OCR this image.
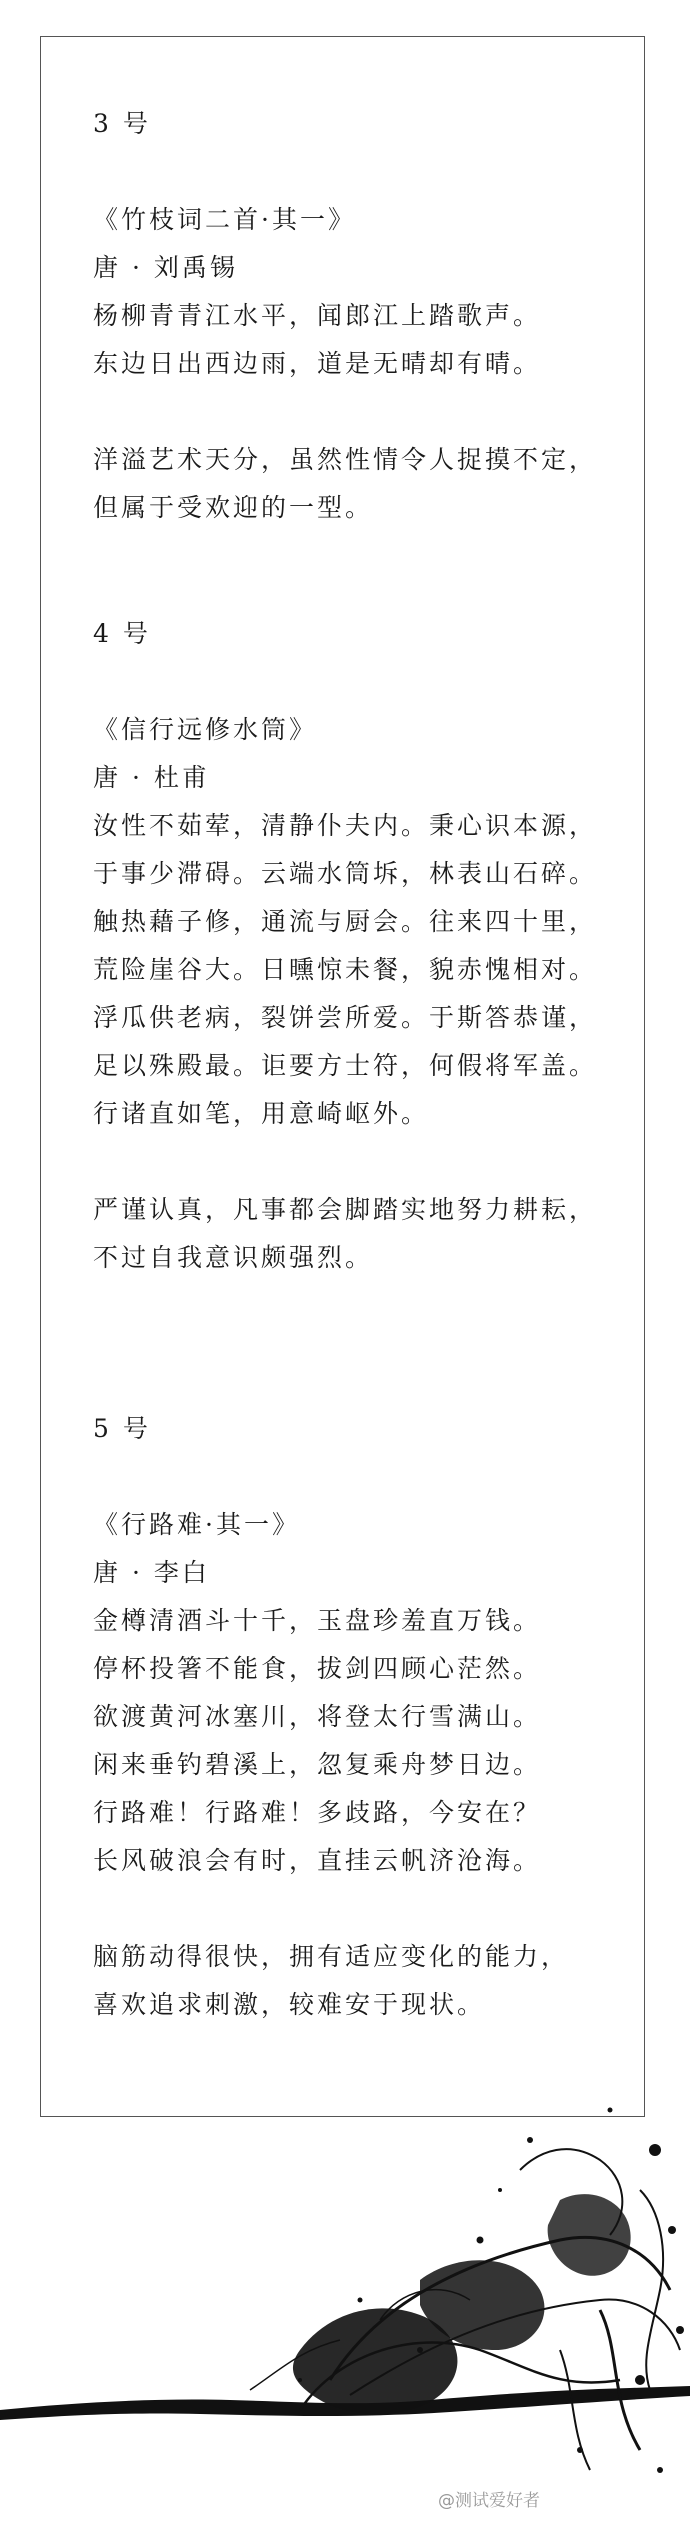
3 号
《竹枝词二首·其一》
唐 · 刘禹锡
杨柳青青江水平，闻郎江上踏歌声。
东边日出西边雨，道是无晴却有晴。
洋溢艺术天分，虽然性情令人捉摸不定，
但属于受欢迎的一型。
4 号
《信行远修水筒》
唐 · 杜甫
汝性不茹荤，清静仆夫内。秉心识本源，
于事少滞碍。云端水筒坼，林表山石碎。
触热藉子修，通流与厨会。往来四十里，
荒险崖谷大。日曛惊未餐，貌赤愧相对。
浮瓜供老病，裂饼尝所爱。于斯答恭谨，
足以殊殿最。讵要方士符，何假将军盖。
行诸直如笔，用意崎岖外。
严谨认真，凡事都会脚踏实地努力耕耘，
不过自我意识颇强烈。
5 号
《行路难·其一》
唐 · 李白
金樽清酒斗十千，玉盘珍羞直万钱。
停杯投箸不能食，拔剑四顾心茫然。
欲渡黄河冰塞川，将登太行雪满山。
闲来垂钓碧溪上，忽复乘舟梦日边。
行路难！行路难！多歧路，今安在？
长风破浪会有时，直挂云帆济沧海。
脑筋动得很快，拥有适应变化的能力，
喜欢追求刺激，较难安于现状。
@测试爱好者
